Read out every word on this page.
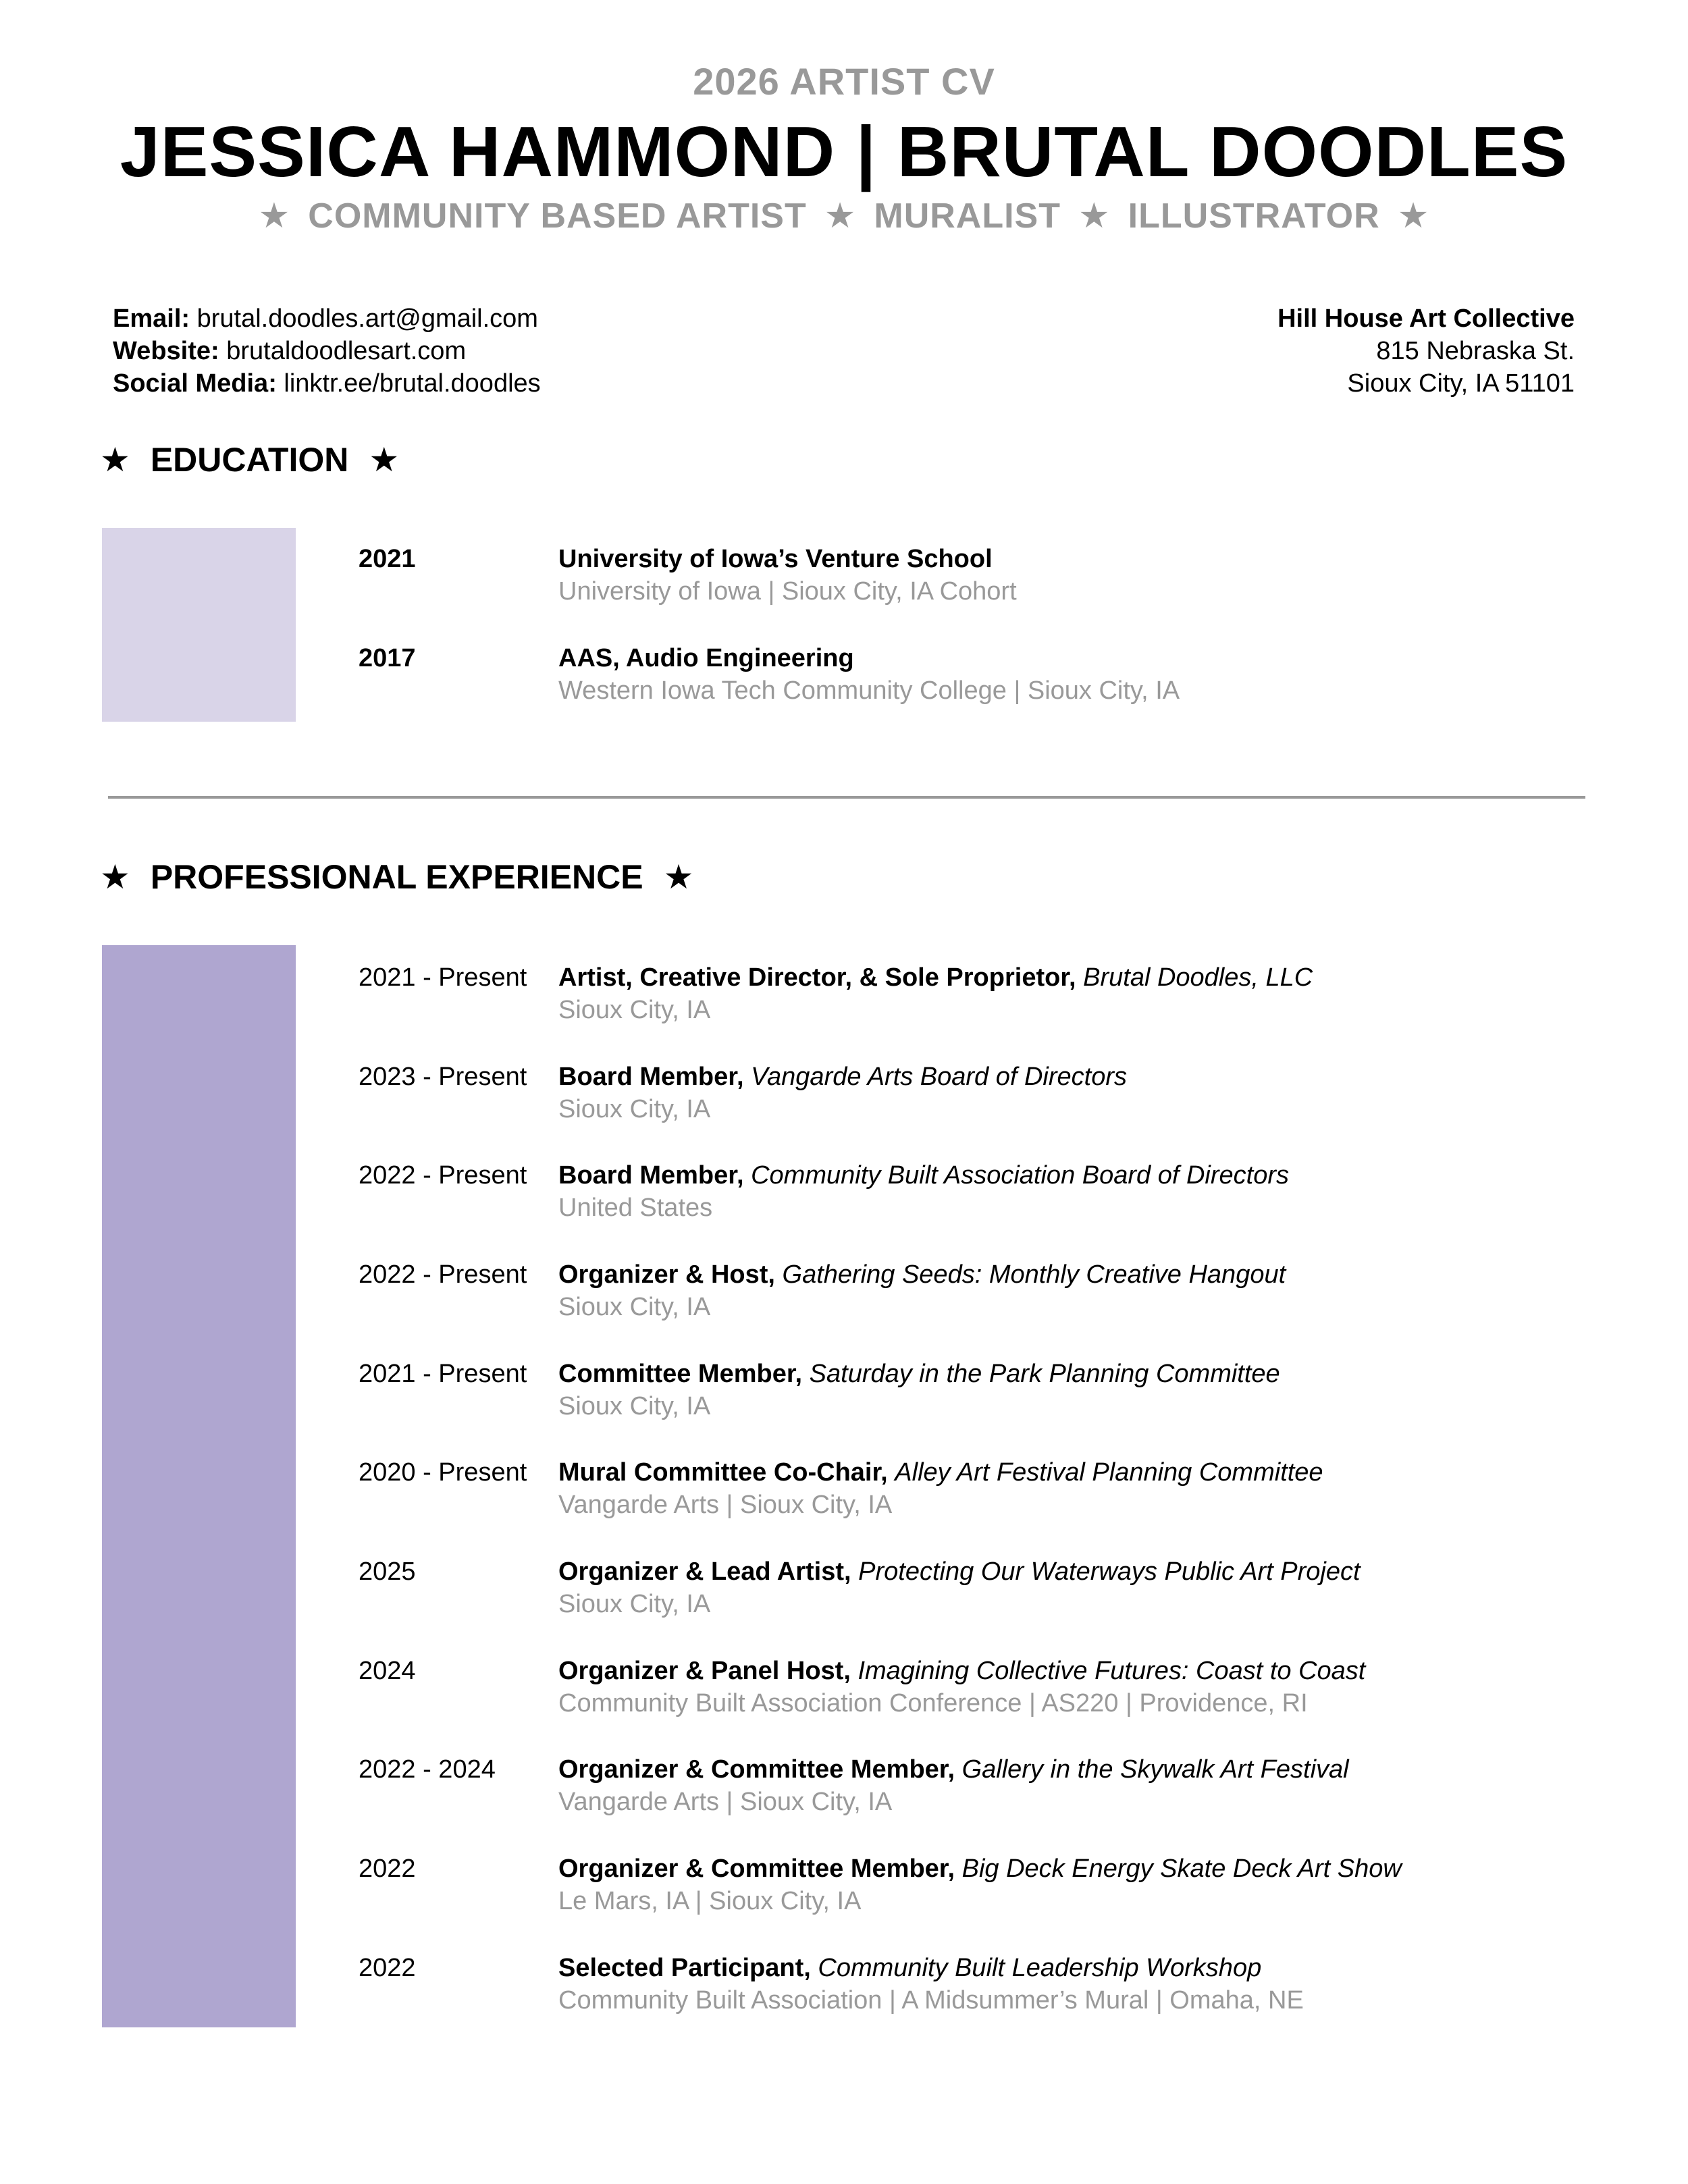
2026 ARTIST CV
JESSICA HAMMOND | BRUTAL DOODLES
★ COMMUNITY BASED ARTIST ★ MURALIST ★ ILLUSTRATOR ★
Email: brutal.doodles.art@gmail.com
Website: brutaldoodlesart.com
Social Media: linktr.ee/brutal.doodles
Hill House Art Collective
815 Nebraska St.
Sioux City, IA 51101
★ EDUCATION ★
2021	University of Iowa’s Venture School
University of Iowa | Sioux City, IA Cohort
2017	AAS, Audio Engineering
Western Iowa Tech Community College | Sioux City, IA
★ PROFESSIONAL EXPERIENCE ★
2021 - Present Artist, Creative Director, & Sole Proprietor, Brutal Doodles, LLC
Sioux City, IA
2023 - Present Board Member, Vangarde Arts Board of Directors
Sioux City, IA
2022 - Present Board Member, Community Built Association Board of Directors
United States
2022 - Present Organizer & Host, Gathering Seeds: Monthly Creative Hangout
Sioux City, IA
2021 - Present Committee Member, Saturday in the Park Planning Committee
Sioux City, IA
2020 - Present Mural Committee Co-Chair, Alley Art Festival Planning Committee
Vangarde Arts | Sioux City, IA
2025	Organizer & Lead Artist, Protecting Our Waterways Public Art Project
Sioux City, IA
2024	Organizer & Panel Host, Imagining Collective Futures: Coast to Coast
Community Built Association Conference | AS220 | Providence, RI
2022 - 2024 Organizer & Committee Member, Gallery in the Skywalk Art Festival
Vangarde Arts | Sioux City, IA
2022	Organizer & Committee Member, Big Deck Energy Skate Deck Art Show
Le Mars, IA | Sioux City, IA
2022	Selected Participant, Community Built Leadership Workshop
Community Built Association | A Midsummer’s Mural | Omaha, NE
